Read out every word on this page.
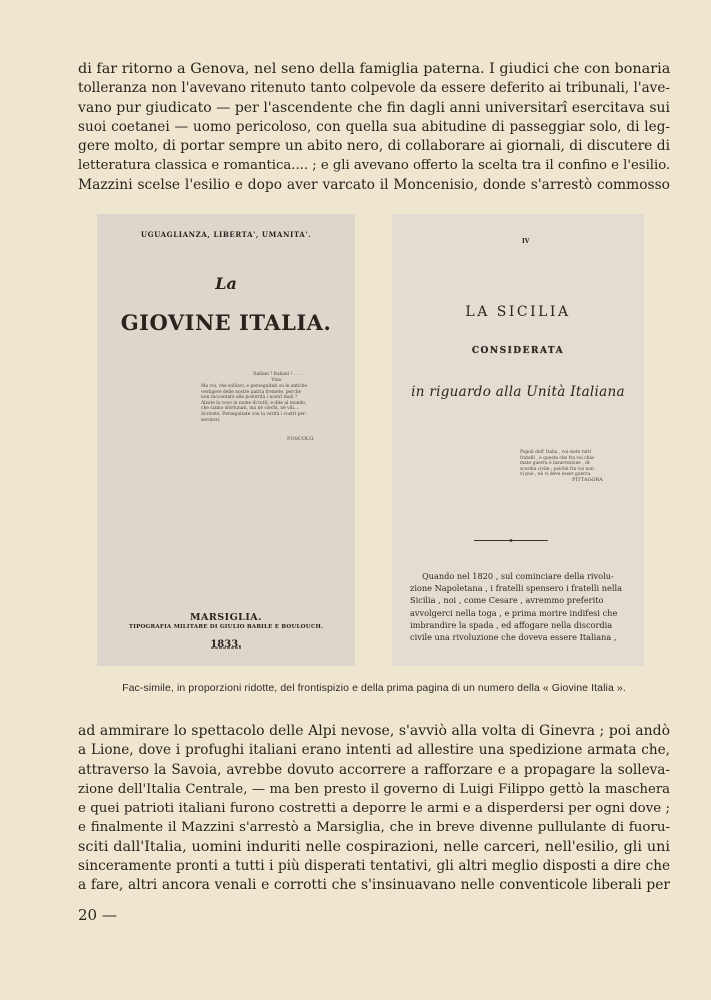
di far ritorno a Genova, nel seno della famiglia paterna. I giudici che con bonaria
tolleranza non l'avevano ritenuto tanto colpevole da essere deferito ai tribunali, l'ave-
vano pur giudicato — per l'ascendente che fin dagli anni universitarî esercitava sui
suoi coetanei — uomo pericoloso, con quella sua abitudine di passeggiar solo, di leg-
gere molto, di portar sempre un abito nero, di collaborare ai giornali, di discutere di
letteratura classica e romantica.... ; e gli avevano offerto la scelta tra il confino e l'esilio.
Mazzini scelse l'esilio e dopo aver varcato il Moncenisio, donde s'arrestò commosso
UGUAGLIANZA, LIBERTA', UMANITA'.
La
GIOVINE ITALIA.
Italiani ! Italiani ! . . .
Vino.
Ma voi, che solliavi, e perseguitati su le antiche
vestigere delle nostre patria fremete, perchè
non raccontate alle posterità i nostri mali ?
Alzate la voce in nome di tutti, e dite al mondo,
che siamo sfortunati, ma nè ciechi, nè vili....
Scrivete. Perseguitate con la verità i vostri per-
secutori.
FOSCOLO.
MARSIGLIA.
TIPOGRAFIA MILITARE DI GIULIO BARILE E BOULOUCH.
1833.
IV
LA SICILIA
CONSIDERATA
in riguardo alla Unità Italiana
Popoli dell' Italia , voi siete tutti
fratelli , e questa che fra voi chia-
mate guerra è insurrezione , di-
scordia civile ; poichè fra voi non
vi può , nè vi deve esser guerra.
PITTAGORA
Quando nel 1820 , sul cominciare della rivolu-
zione Napoletana , i fratelli spensero i fratelli nella
Sicilia , noi , come Cesare , avremmo preferito
avvolgerci nella toga , e prima morire indifesi che
imbrandire la spada , ed affogare nella discordia
civile una rivoluzione che doveva essere Italiana ,
Fac-simile, in proporzioni ridotte, del frontispizio e della prima pagina di un numero della « Giovine Italia ».
ad ammirare lo spettacolo delle Alpi nevose, s'avviò alla volta di Ginevra ; poi andò
a Lione, dove i profughi italiani erano intenti ad allestire una spedizione armata che,
attraverso la Savoia, avrebbe dovuto accorrere a rafforzare e a propagare la solleva-
zione dell'Italia Centrale, — ma ben presto il governo di Luigi Filippo gettò la maschera
e quei patrioti italiani furono costretti a deporre le armi e a disperdersi per ogni dove ;
e finalmente il Mazzini s'arrestò a Marsiglia, che in breve divenne pullulante di fuoru-
sciti dall'Italia, uomini induriti nelle cospirazioni, nelle carceri, nell'esilio, gli uni
sinceramente pronti a tutti i più disperati tentativi, gli altri meglio disposti a dire che
a fare, altri ancora venali e corrotti che s'insinuavano nelle conventicole liberali per
20 —
